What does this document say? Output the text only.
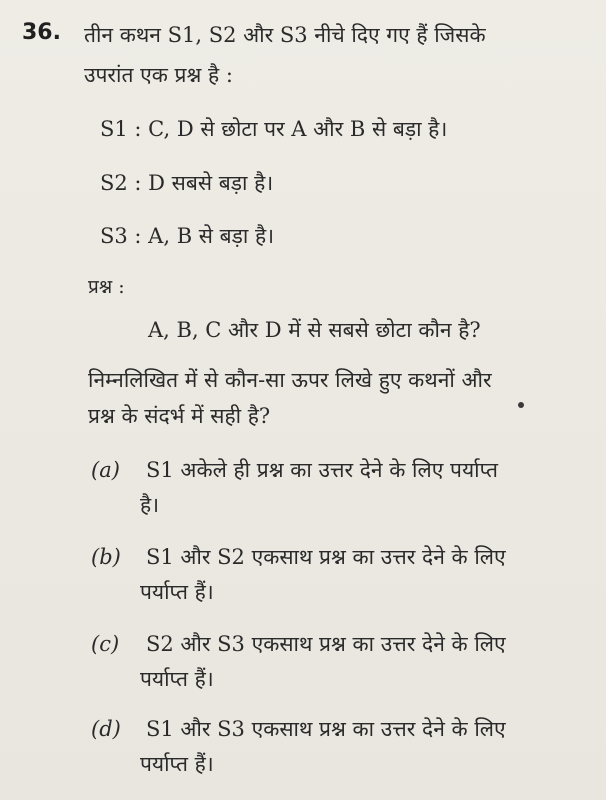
36. तीन कथन S1, S2 और S3 नीचे दिए गए हैं जिसके
उपरांत एक प्रश्न है :
S1 : C, D से छोटा पर A और B से बड़ा है।
S2 : D सबसे बड़ा है।
S3 : A, B से बड़ा है।
प्रश्न :
A, B, C और D में से सबसे छोटा कौन है?
निम्नलिखित में से कौन-सा ऊपर लिखे हुए कथनों और
प्रश्न के संदर्भ में सही है?
(a) S1 अकेले ही प्रश्न का उत्तर देने के लिए पर्याप्त
है।
(b) S1 और S2 एकसाथ प्रश्न का उत्तर देने के लिए
पर्याप्त हैं।
(c) S2 और S3 एकसाथ प्रश्न का उत्तर देने के लिए
पर्याप्त हैं।
(d) S1 और S3 एकसाथ प्रश्न का उत्तर देने के लिए
पर्याप्त हैं।
